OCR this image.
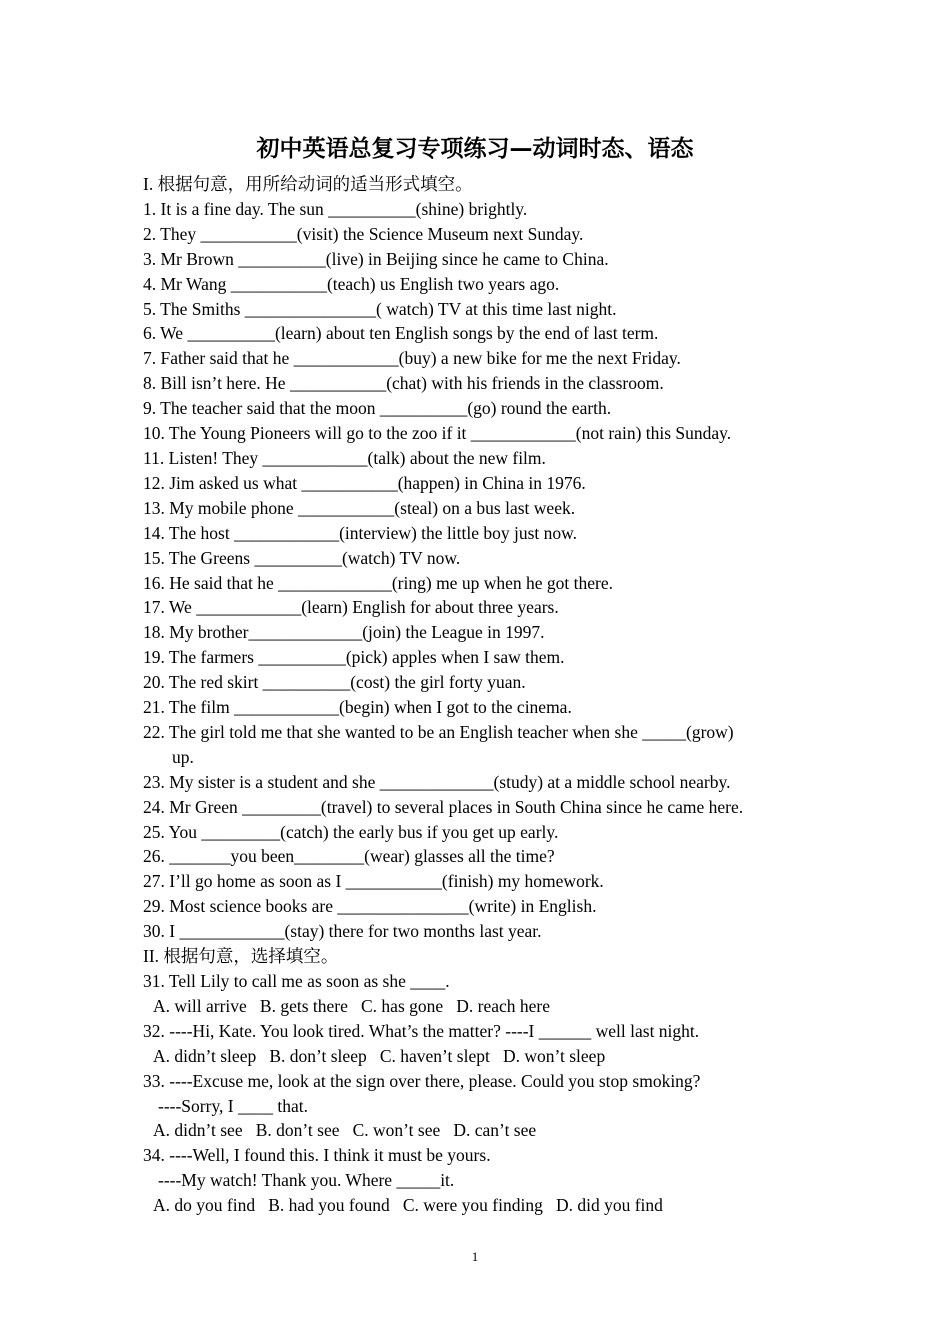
初中英语总复习专项练习—动词时态、语态
I. 根据句意，用所给动词的适当形式填空。
1. It is a fine day. The sun __________(shine) brightly.
2. They ___________(visit) the Science Museum next Sunday.
3. Mr Brown __________(live) in Beijing since he came to China.
4. Mr Wang ___________(teach) us English two years ago.
5. The Smiths _______________( watch) TV at this time last night.
6. We __________(learn) about ten English songs by the end of last term.
7. Father said that he ____________(buy) a new bike for me the next Friday.
8. Bill isn’t here. He ___________(chat) with his friends in the classroom.
9. The teacher said that the moon __________(go) round the earth.
10. The Young Pioneers will go to the zoo if it ____________(not rain) this Sunday.
11. Listen! They ____________(talk) about the new film.
12. Jim asked us what ___________(happen) in China in 1976.
13. My mobile phone ___________(steal) on a bus last week.
14. The host ____________(interview) the little boy just now.
15. The Greens __________(watch) TV now.
16. He said that he _____________(ring) me up when he got there.
17. We ____________(learn) English for about three years.
18. My brother_____________(join) the League in 1997.
19. The farmers __________(pick) apples when I saw them.
20. The red skirt __________(cost) the girl forty yuan.
21. The film ____________(begin) when I got to the cinema.
22. The girl told me that she wanted to be an English teacher when she _____(grow)
up.
23. My sister is a student and she _____________(study) at a middle school nearby.
24. Mr Green _________(travel) to several places in South China since he came here.
25. You _________(catch) the early bus if you get up early.
26. _______you been________(wear) glasses all the time?
27. I’ll go home as soon as I ___________(finish) my homework.
29. Most science books are _______________(write) in English.
30. I ____________(stay) there for two months last year.
II. 根据句意，选择填空。
31. Tell Lily to call me as soon as she ____.
A. will arrive   B. gets there   C. has gone   D. reach here
32. ----Hi, Kate. You look tired. What’s the matter? ----I ______ well last night.
A. didn’t sleep   B. don’t sleep   C. haven’t slept   D. won’t sleep
33. ----Excuse me, look at the sign over there, please. Could you stop smoking?
----Sorry, I ____ that.
A. didn’t see   B. don’t see   C. won’t see   D. can’t see
34. ----Well, I found this. I think it must be yours.
----My watch! Thank you. Where _____it.
A. do you find   B. had you found   C. were you finding   D. did you find
1
